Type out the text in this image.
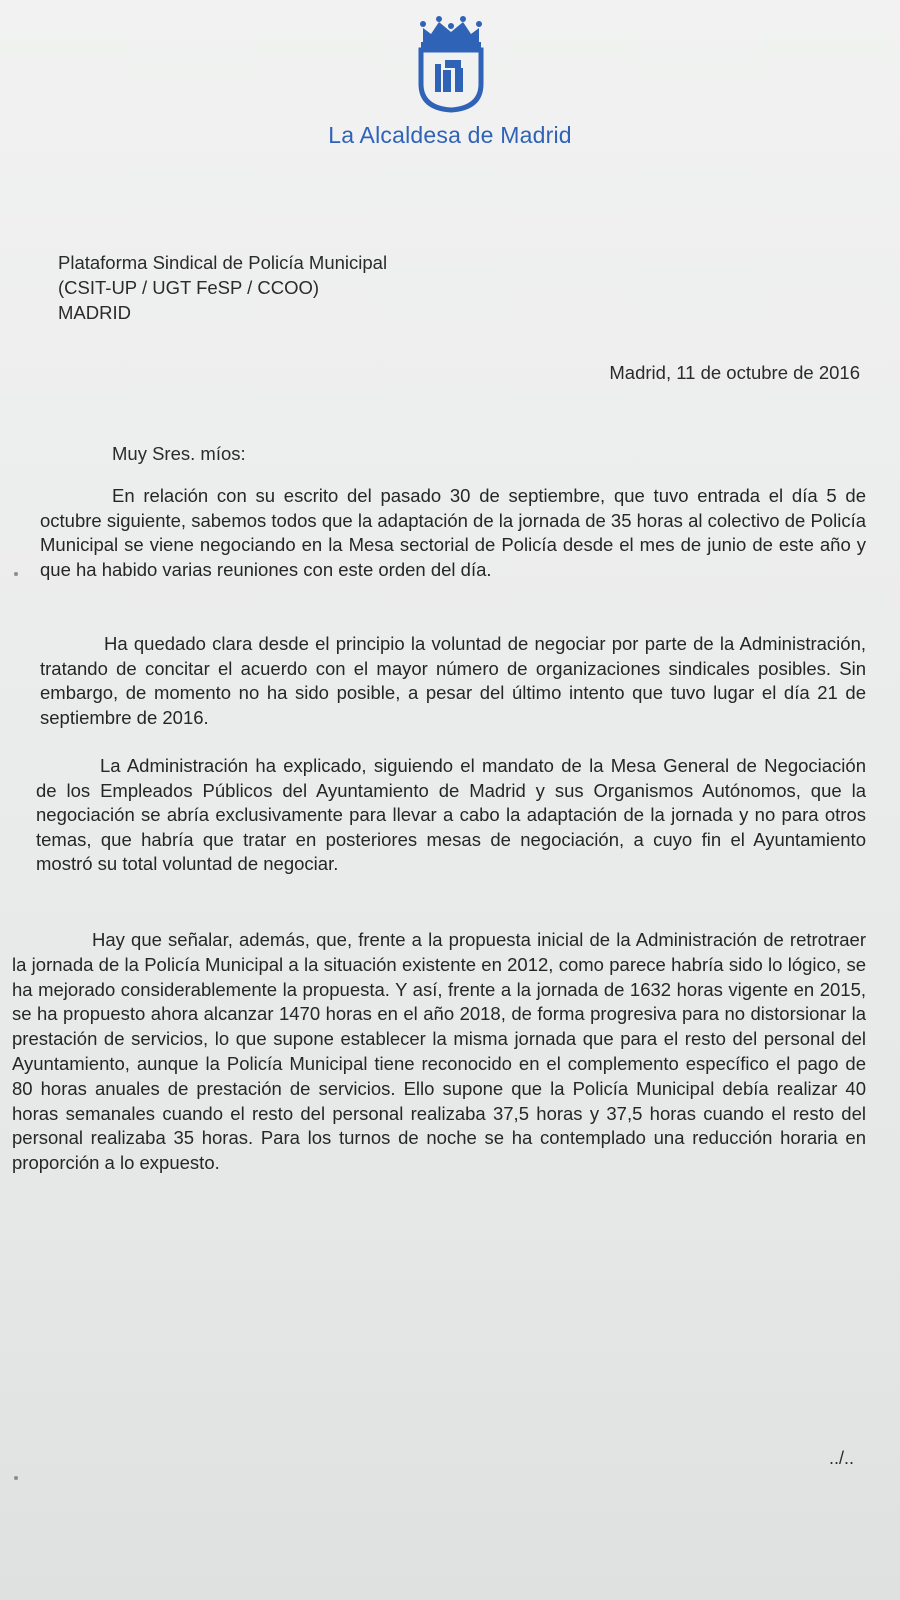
La Alcaldesa de Madrid
Plataforma Sindical de Policía Municipal
(CSIT-UP / UGT FeSP / CCOO)
MADRID
Madrid, 11 de octubre de 2016
Muy Sres. míos:
En relación con su escrito del pasado 30 de septiembre, que tuvo entrada el día 5 de octubre siguiente, sabemos todos que la adaptación de la jornada de 35 horas al colectivo de Policía Municipal se viene negociando en la Mesa sectorial de Policía desde el mes de junio de este año y que ha habido varias reuniones con este orden del día.
Ha quedado clara desde el principio la voluntad de negociar por parte de la Administración, tratando de concitar el acuerdo con el mayor número de organizaciones sindicales posibles. Sin embargo, de momento no ha sido posible, a pesar del último intento que tuvo lugar el día 21 de septiembre de 2016.
La Administración ha explicado, siguiendo el mandato de la Mesa General de Negociación de los Empleados Públicos del Ayuntamiento de Madrid y sus Organismos Autónomos, que la negociación se abría exclusivamente para llevar a cabo la adaptación de la jornada y no para otros temas, que habría que tratar en posteriores mesas de negociación, a cuyo fin el Ayuntamiento mostró su total voluntad de negociar.
Hay que señalar, además, que, frente a la propuesta inicial de la Administración de retrotraer la jornada de la Policía Municipal a la situación existente en 2012, como parece habría sido lo lógico, se ha mejorado considerablemente la propuesta. Y así, frente a la jornada de 1632 horas vigente en 2015, se ha propuesto ahora alcanzar 1470 horas en el año 2018, de forma progresiva para no distorsionar la prestación de servicios, lo que supone establecer la misma jornada que para el resto del personal del Ayuntamiento, aunque la Policía Municipal tiene reconocido en el complemento específico el pago de 80 horas anuales de prestación de servicios. Ello supone que la Policía Municipal debía realizar 40 horas semanales cuando el resto del personal realizaba 37,5 horas y 37,5 horas cuando el resto del personal realizaba 35 horas. Para los turnos de noche se ha contemplado una reducción horaria en proporción a lo expuesto.
../..
